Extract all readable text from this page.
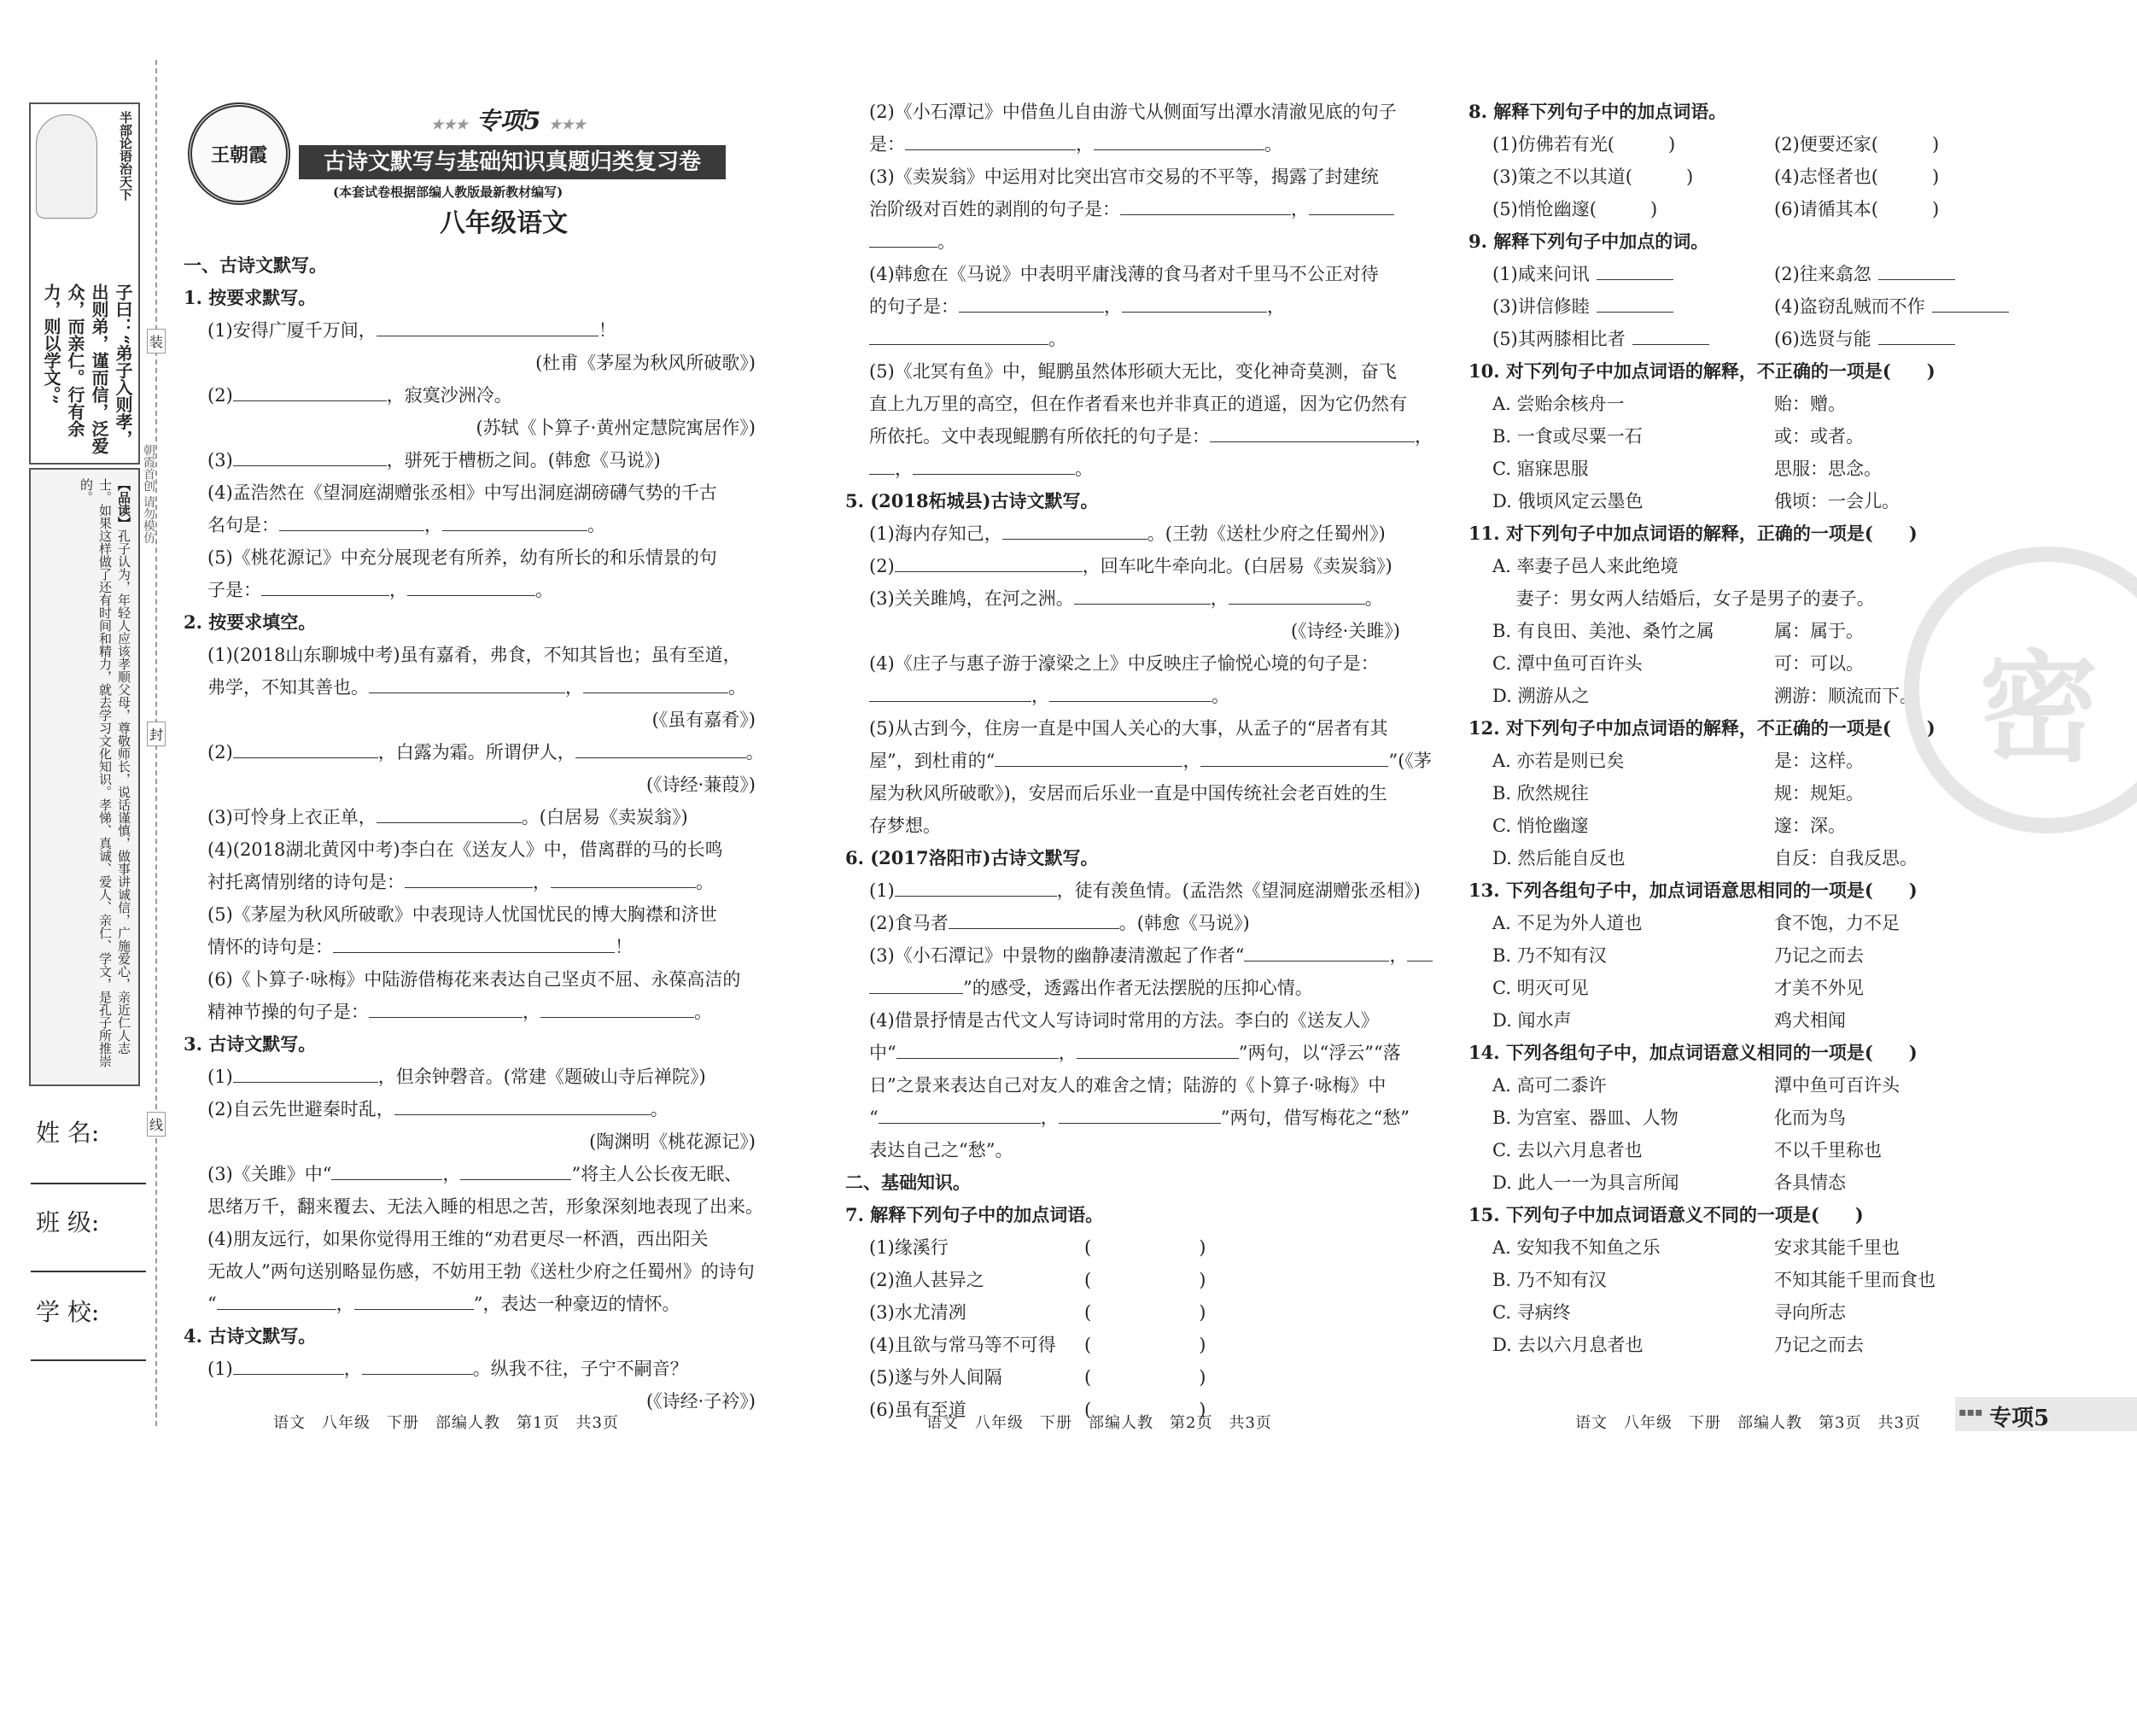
半部论语治天下
子曰：“弟子入则孝，出则弟，谨而信，泛爱众，而亲仁。行有余力，则以学文。”
【品读】孔子认为，年轻人应该孝顺父母，尊敬师长，说话谨慎，做事讲诚信，广施爱心，亲近仁人志士。如果这样做了还有时间和精力，就去学习文化知识。孝悌、真诚、爱人、亲仁、学文，是孔子所推崇的。
装
朝霞首创 请勿模仿
封
线
姓 名:
班 级:
学 校:
王朝霞
★★★ 专项5 ★★★
古诗文默写与基础知识真题归类复习卷
(本套试卷根据部编人教版最新教材编写)
八年级语文
一、古诗文默写。
1. 按要求默写。
(1)安得广厦千万间，	！
(杜甫《茅屋为秋风所破歌》)
(2)	，寂寞沙洲冷。
(苏轼《卜算子·黄州定慧院寓居作》)
(3)	，骈死于槽枥之间。(韩愈《马说》)
(4)孟浩然在《望洞庭湖赠张丞相》中写出洞庭湖磅礴气势的千古
名句是：	，	。
(5)《桃花源记》中充分展现老有所养，幼有所长的和乐情景的句
子是：	，	。
2. 按要求填空。
(1)(2018山东聊城中考)虽有嘉肴，弗食，不知其旨也；虽有至道，
弗学，不知其善也。	，	。
(《虽有嘉肴》)
(2)	，白露为霜。所谓伊人，	。
(《诗经·蒹葭》)
(3)可怜身上衣正单，	。(白居易《卖炭翁》)
(4)(2018湖北黄冈中考)李白在《送友人》中，借离群的马的长鸣
衬托离情别绪的诗句是：	，	。
(5)《茅屋为秋风所破歌》中表现诗人忧国忧民的博大胸襟和济世
情怀的诗句是：	！
(6)《卜算子·咏梅》中陆游借梅花来表达自己坚贞不屈、永葆高洁的
精神节操的句子是：	，	。
3. 古诗文默写。
(1)	，但余钟磬音。(常建《题破山寺后禅院》)
(2)自云先世避秦时乱，	。
(陶渊明《桃花源记》)
(3)《关雎》中“	，	”将主人公长夜无眠、
思绪万千，翻来覆去、无法入睡的相思之苦，形象深刻地表现了出来。
(4)朋友远行，如果你觉得用王维的“劝君更尽一杯酒，西出阳关
无故人”两句送别略显伤感，不妨用王勃《送杜少府之任蜀州》的诗句
“	，	”，表达一种豪迈的情怀。
4. 古诗文默写。
(1)	，	。纵我不往，子宁不嗣音？
(《诗经·子衿》)
(2)《小石潭记》中借鱼儿自由游弋从侧面写出潭水清澈见底的句子
是：	，	。
(3)《卖炭翁》中运用对比突出宫市交易的不平等，揭露了封建统
治阶级对百姓的剥削的句子是：	，
。
(4)韩愈在《马说》中表明平庸浅薄的食马者对千里马不公正对待
的句子是：	，	，
。
(5)《北冥有鱼》中，鲲鹏虽然体形硕大无比，变化神奇莫测，奋飞
直上九万里的高空，但在作者看来也并非真正的逍遥，因为它仍然有
所依托。文中表现鲲鹏有所依托的句子是：	，
，	。
5. (2018柘城县)古诗文默写。
(1)海内存知己，	。(王勃《送杜少府之任蜀州》)
(2)	，回车叱牛牵向北。(白居易《卖炭翁》)
(3)关关雎鸠，在河之洲。	，	。
(《诗经·关雎》)
(4)《庄子与惠子游于濠梁之上》中反映庄子愉悦心境的句子是：
，	。
(5)从古到今，住房一直是中国人关心的大事，从孟子的“居者有其
屋”，到杜甫的“	，	”(《茅
屋为秋风所破歌》)，安居而后乐业一直是中国传统社会老百姓的生
存梦想。
6. (2017洛阳市)古诗文默写。
(1)	，徒有羡鱼情。(孟浩然《望洞庭湖赠张丞相》)
(2)食马者	。(韩愈《马说》)
(3)《小石潭记》中景物的幽静凄清激起了作者“	，
”的感受，透露出作者无法摆脱的压抑心情。
(4)借景抒情是古代文人写诗词时常用的方法。李白的《送友人》
中“	，	”两句，以“浮云”“落
日”之景来表达自己对友人的难舍之情；陆游的《卜算子·咏梅》中
“	，	”两句，借写梅花之“愁”
表达自己之“愁”。
二、基础知识。
7. 解释下列句子中的加点词语。
(1)缘溪行	(　　　　　　)
(2)渔人甚异之	(　　　　　　)
(3)水尤清冽	(　　　　　　)
(4)且欲与常马等不可得 (　　　　　　)
(5)遂与外人间隔	(　　　　　　)
(6)虽有至道	(　　　　　　)
8. 解释下列句子中的加点词语。
(1)仿佛若有光(　　　)	(2)便要还家(　　　)
(3)策之不以其道(　　　)	(4)志怪者也(　　　)
(5)悄怆幽邃(　　　)	(6)请循其本(　　　)
9. 解释下列句子中加点的词。
(1)咸来问讯	(2)往来翕忽
(3)讲信修睦	(4)盗窃乱贼而不作
(5)其两膝相比者	(6)选贤与能
10. 对下列句子中加点词语的解释，不正确的一项是(　　)
A. 尝贻余核舟一	贻：赠。
B. 一食或尽粟一石	或：或者。
C. 寤寐思服	思服：思念。
D. 俄顷风定云墨色	俄顷：一会儿。
11. 对下列句子中加点词语的解释，正确的一项是(　　)
A. 率妻子邑人来此绝境
　 妻子：男女两人结婚后，女子是男子的妻子。
B. 有良田、美池、桑竹之属	属：属于。
C. 潭中鱼可百许头	可：可以。
D. 溯游从之	溯游：顺流而下。
12. 对下列句子中加点词语的解释，不正确的一项是(　　)
A. 亦若是则已矣	是：这样。
B. 欣然规往	规：规矩。
C. 悄怆幽邃	邃：深。
D. 然后能自反也	自反：自我反思。
13. 下列各组句子中，加点词语意思相同的一项是(　　)
A. 不足为外人道也	食不饱，力不足
B. 乃不知有汉	乃记之而去
C. 明灭可见	才美不外见
D. 闻水声	鸡犬相闻
14. 下列各组句子中，加点词语意义相同的一项是(　　)
A. 高可二黍许	潭中鱼可百许头
B. 为宫室、器皿、人物	化而为鸟
C. 去以六月息者也	不以千里称也
D. 此人一一为具言所闻	各具情态
15. 下列句子中加点词语意义不同的一项是(　　)
A. 安知我不知鱼之乐	安求其能千里也
B. 乃不知有汉	不知其能千里而食也
C. 寻病终	寻向所志
D. 去以六月息者也	乃记之而去
密
语文　八年级　下册　部编人教　第1页　共3页	语文　八年级　下册　部编人教　第2页　共3页	语文　八年级　下册　部编人教　第3页　共3页
▪▪▪ 专项5
